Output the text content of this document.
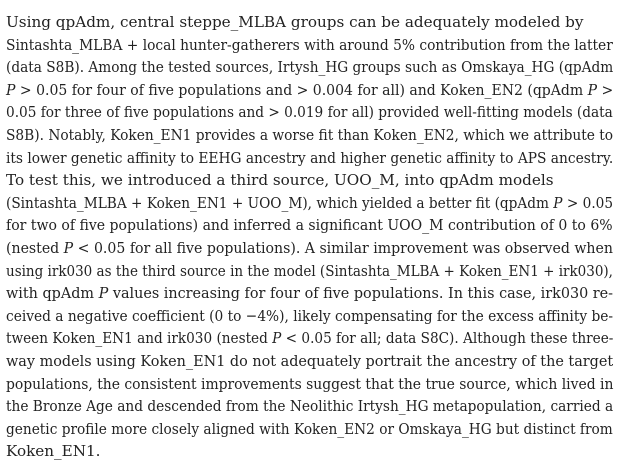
Using qpAdm, central steppe_MLBA groups can be adequately modeled by
Sintashta_MLBA + local hunter-gatherers with around 5% contribution from the latter
(data S8B). Among the tested sources, Irtysh_HG groups such as Omskaya_HG (qpAdm
P > 0.05 for four of five populations and > 0.004 for all) and Koken_EN2 (qpAdm P >
0.05 for three of five populations and > 0.019 for all) provided well-fitting models (data
S8B). Notably, Koken_EN1 provides a worse fit than Koken_EN2, which we attribute to
its lower genetic affinity to EEHG ancestry and higher genetic affinity to APS ancestry.
To test this, we introduced a third source, UOO_M, into qpAdm models
(Sintashta_MLBA + Koken_EN1 + UOO_M), which yielded a better fit (qpAdm P > 0.05
for two of five populations) and inferred a significant UOO_M contribution of 0 to 6%
(nested P < 0.05 for all five populations). A similar improvement was observed when
using irk030 as the third source in the model (Sintashta_MLBA + Koken_EN1 + irk030),
with qpAdm P values increasing for four of five populations. In this case, irk030 re-
ceived a negative coefficient (0 to −4%), likely compensating for the excess affinity be-
tween Koken_EN1 and irk030 (nested P < 0.05 for all; data S8C). Although these three-
way models using Koken_EN1 do not adequately portrait the ancestry of the target
populations, the consistent improvements suggest that the true source, which lived in
the Bronze Age and descended from the Neolithic Irtysh_HG metapopulation, carried a
genetic profile more closely aligned with Koken_EN2 or Omskaya_HG but distinct from
Koken_EN1.
